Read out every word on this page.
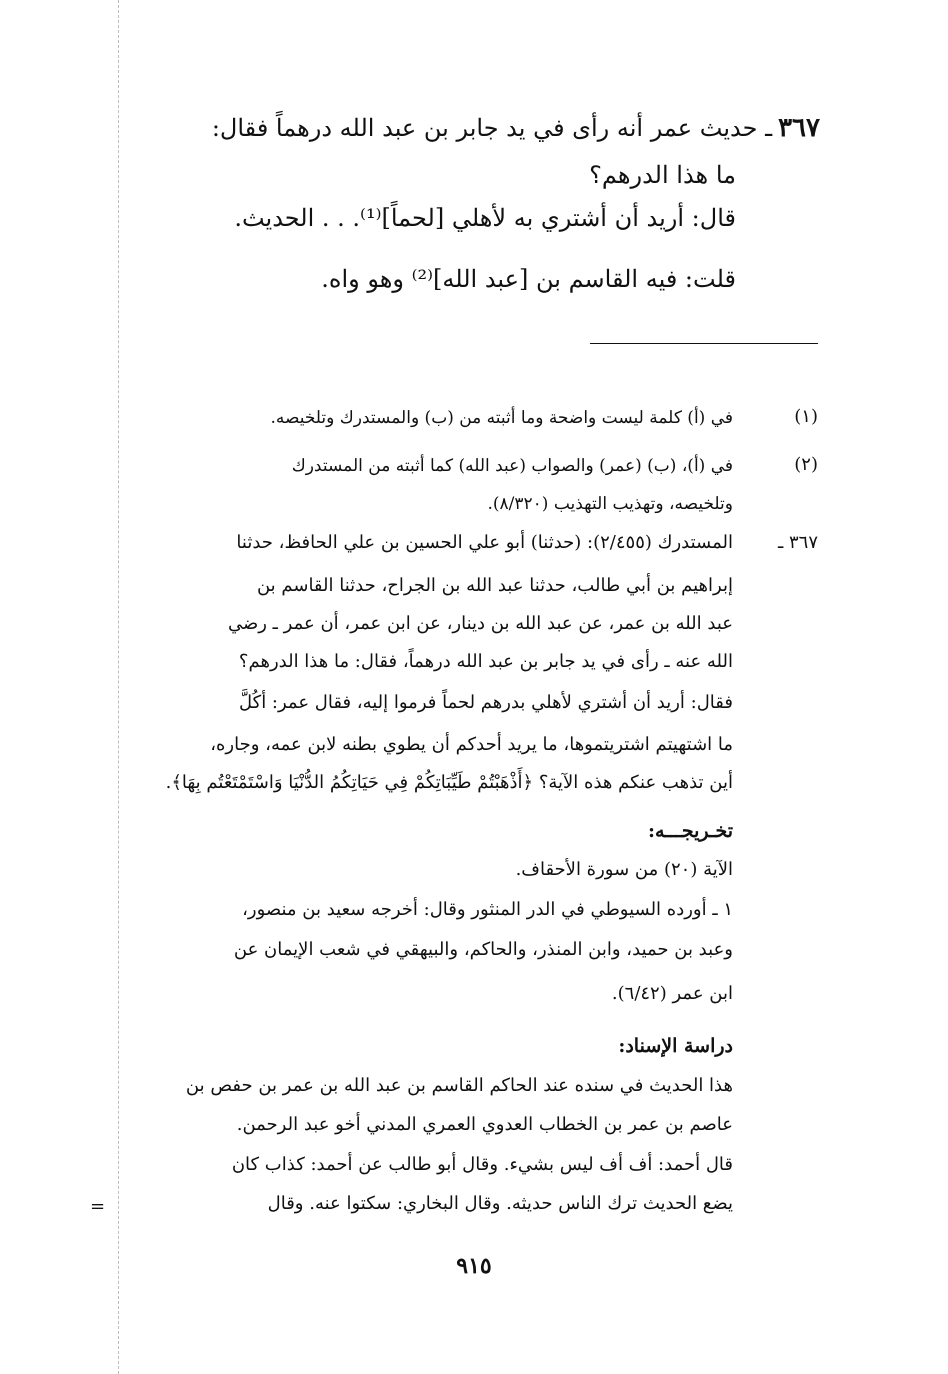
٣٦٧ـ حديث عمر أنه رأى في يد جابر بن عبد الله درهماً فقال:
ما هذا الدرهم؟
قال: أريد أن أشتري به لأهلي [لحماً]⁽¹⁾. . . الحديث.
قلت: فيه القاسم بن [عبد الله]⁽²⁾ وهو واه.
(١)
في (أ) كلمة ليست واضحة وما أثبته من (ب) والمستدرك وتلخيصه.
(٢)
في (أ)، (ب) (عمر) والصواب (عبد الله) كما أثبته من المستدرك
وتلخيصه، وتهذيب التهذيب (٨/٣٢٠).
٣٦٧ ـ
المستدرك (٢/٤٥٥): (حدثنا) أبو علي الحسين بن علي الحافظ، حدثنا
إبراهيم بن أبي طالب، حدثنا عبد الله بن الجراح، حدثنا القاسم بن
عبد الله بن عمر، عن عبد الله بن دينار، عن ابن عمر، أن عمر ـ رضي
الله عنه ـ رأى في يد جابر بن عبد الله درهماً، فقال: ما هذا الدرهم؟
فقال: أريد أن أشتري لأهلي بدرهم لحماً فرموا إليه، فقال عمر: أكُلَّ
ما اشتهيتم اشتريتموها، ما يريد أحدكم أن يطوي بطنه لابن عمه، وجاره،
أين تذهب عنكم هذه الآية؟ ﴿أَذْهَبْتُمْ طَيِّبَاتِكُمْ فِي حَيَاتِكُمُ الدُّنْيَا وَاسْتَمْتَعْتُم بِهَا﴾.
تخـريجـــه:
الآية (٢٠) من سورة الأحقاف.
١ ـ أورده السيوطي في الدر المنثور وقال: أخرجه سعيد بن منصور،
وعبد بن حميد، وابن المنذر، والحاكم، والبيهقي في شعب الإيمان عن
ابن عمر (٦/٤٢).
دراسة الإسناد:
هذا الحديث في سنده عند الحاكم القاسم بن عبد الله بن عمر بن حفص بن
عاصم بن عمر بن الخطاب العدوي العمري المدني أخو عبد الرحمن.
قال أحمد: أف أف ليس بشيء. وقال أبو طالب عن أحمد: كذاب كان
يضع الحديث ترك الناس حديثه. وقال البخاري: سكتوا عنه. وقال
=
٩١٥
